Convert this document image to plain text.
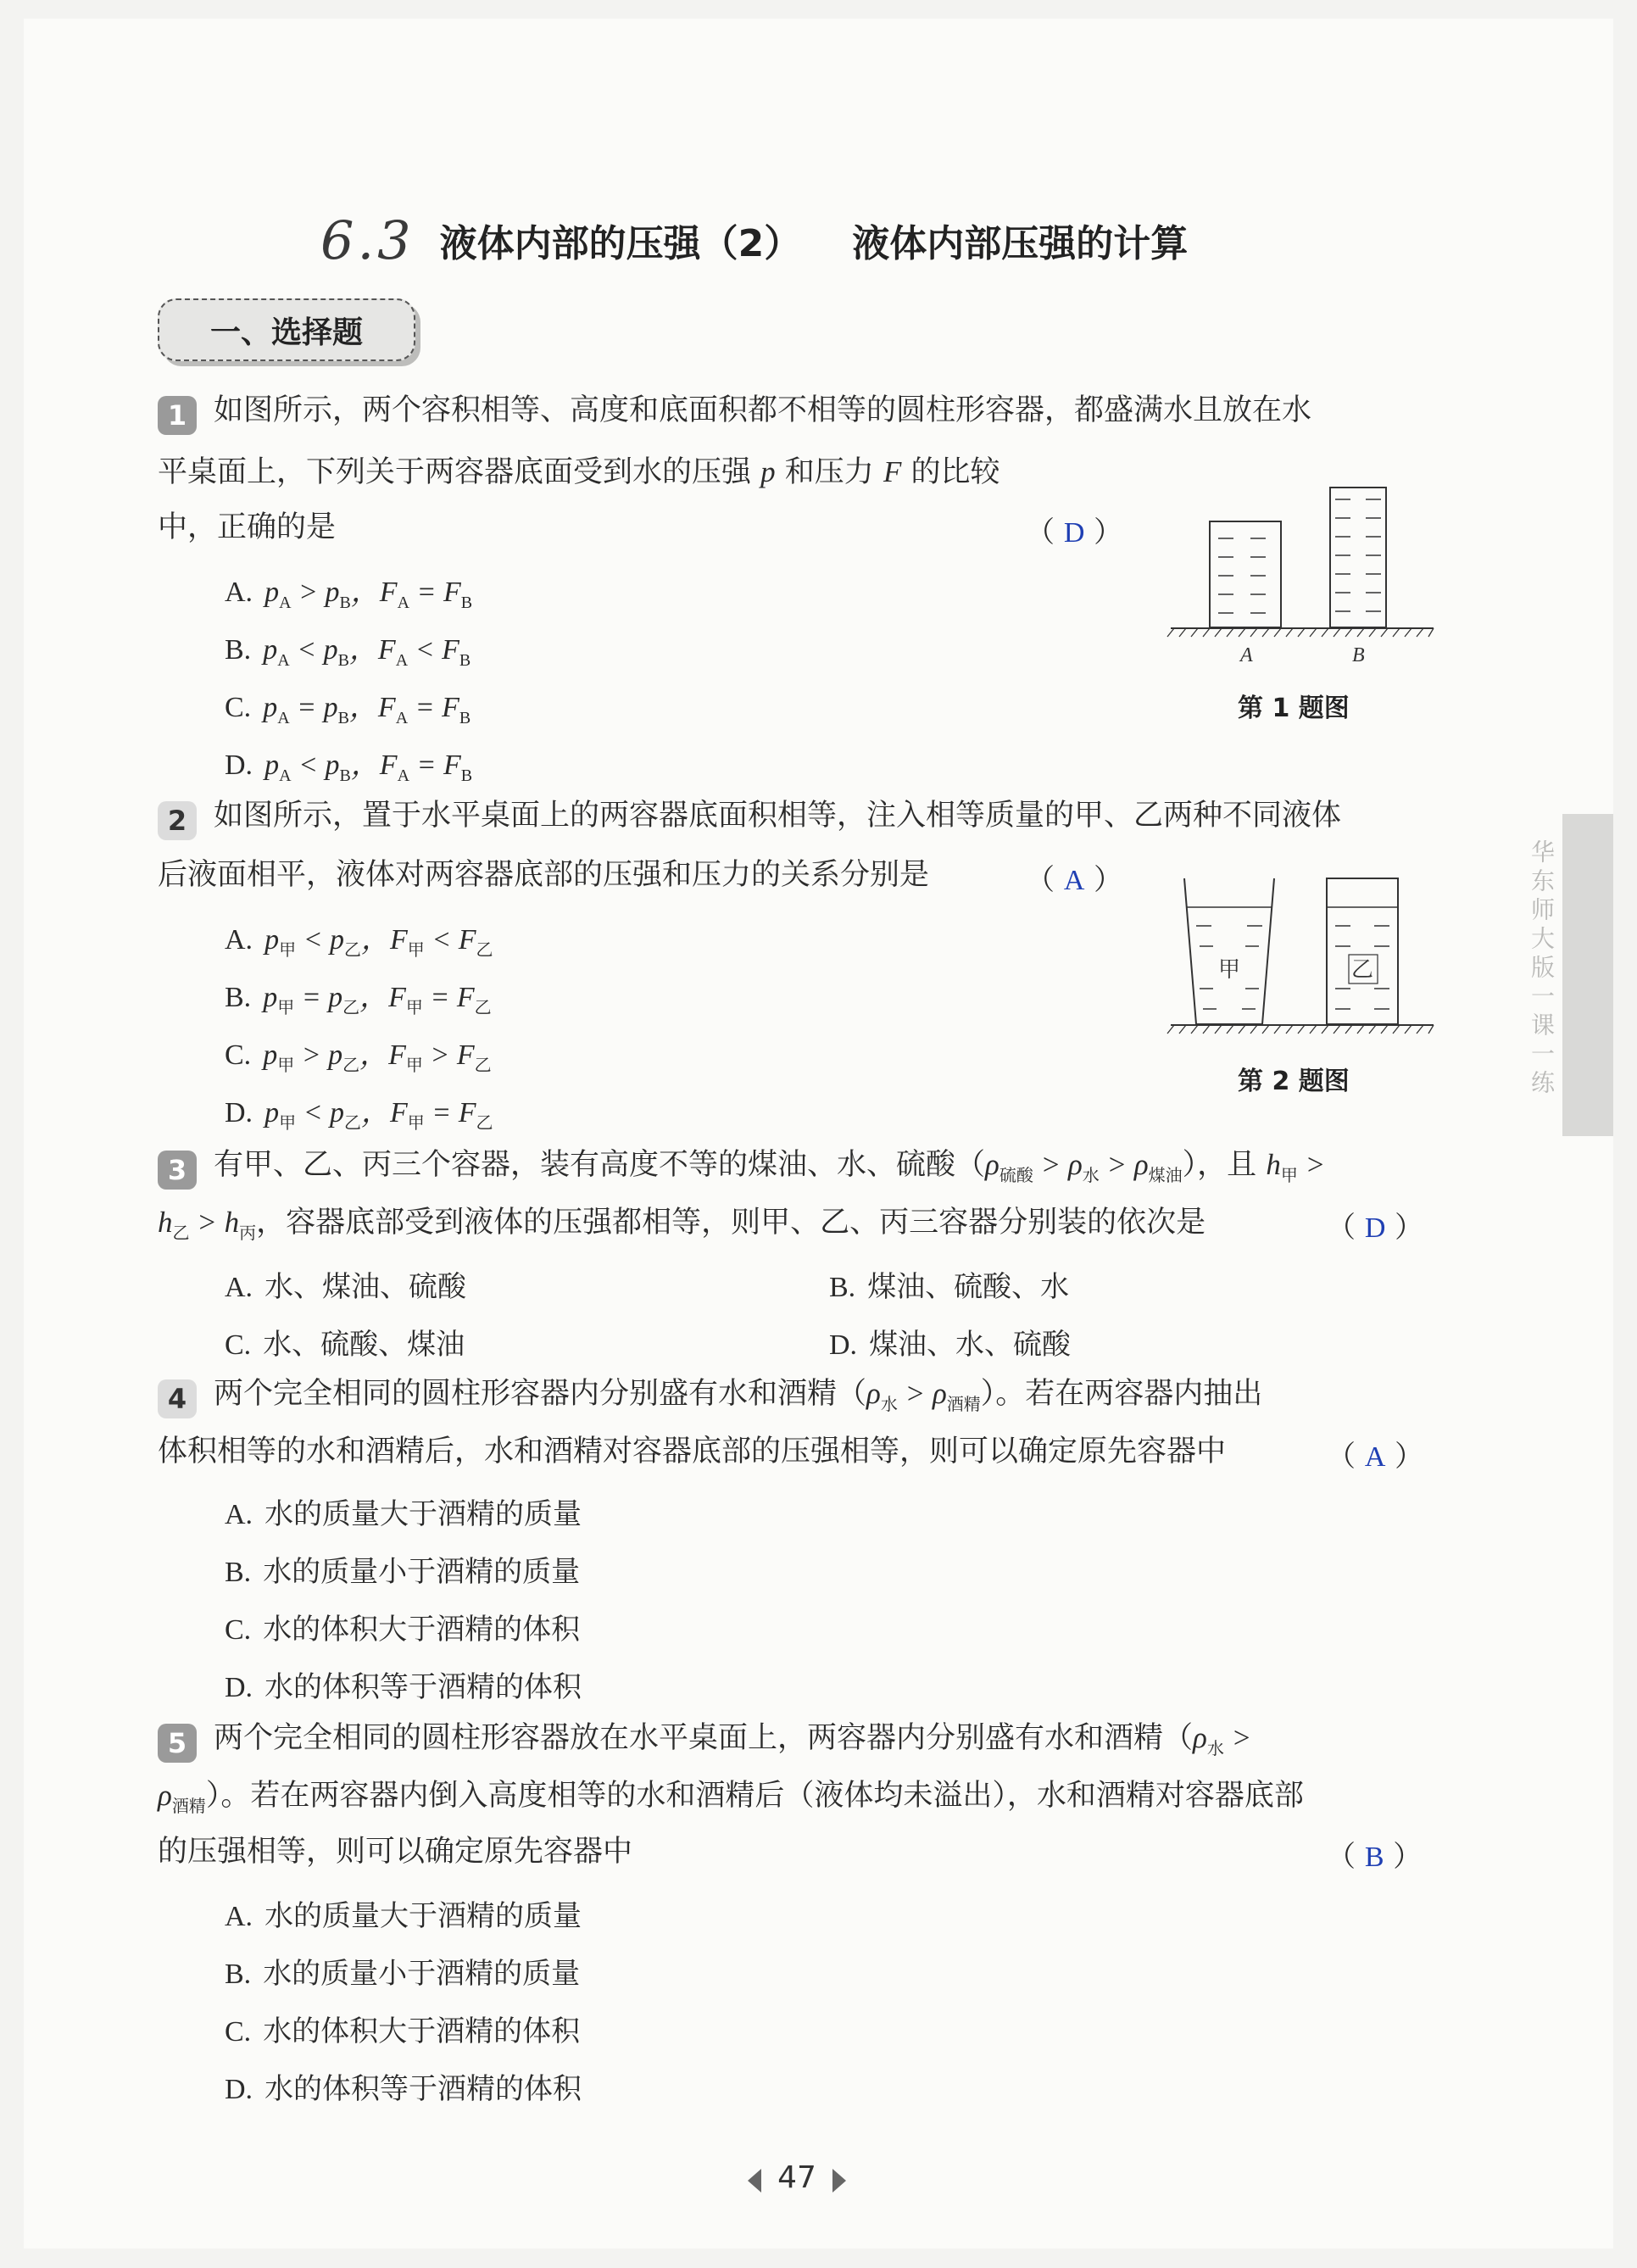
6.3 液体内部的压强（2） 液体内部压强的计算
一、选择题
1 如图所示，两个容积相等、高度和底面积都不相等的圆柱形容器，都盛满水且放在水
平桌面上，下列关于两容器底面受到水的压强 p 和压力 F 的比较
中，正确的是	（ D ）
A. $p_A > p_B$，$F_A = F_B$
B. $p_A < p_B$，$F_A < F_B$
C. $p_A = p_B$，$F_A = F_B$
D. $p_A < p_B$，$F_A = F_B$
A	B
第 1 题图
2 如图所示，置于水平桌面上的两容器底面积相等，注入相等质量的甲、乙两种不同液体
后液面相平，液体对两容器底部的压强和压力的关系分别是	（ A ）
A. $p_甲 < p_乙$，$F_甲 < F_乙$
B. $p_甲 = p_乙$，$F_甲 = F_乙$
C. $p_甲 > p_乙$，$F_甲 > F_乙$
D. $p_甲 < p_乙$，$F_甲 = F_乙$
甲	乙
第 2 题图
3 有甲、乙、丙三个容器，装有高度不等的煤油、水、硫酸$(\rho_{硫酸} > \rho_水 > \rho_{煤油})$，且 $h_甲$ >
$h_乙 > h_丙$，容器底部受到液体的压强都相等，则甲、乙、丙三容器分别装的依次是	（ D ）
A. 水、煤油、硫酸	B. 煤油、硫酸、水
C. 水、硫酸、煤油	D. 煤油、水、硫酸
4 两个完全相同的圆柱形容器内分别盛有水和酒精$(\rho_水 > \rho_{酒精})$。若在两容器内抽出
体积相等的水和酒精后，水和酒精对容器底部的压强相等，则可以确定原先容器中	（ A ）
A. 水的质量大于酒精的质量
B. 水的质量小于酒精的质量
C. 水的体积大于酒精的体积
D. 水的体积等于酒精的体积
5 两个完全相同的圆柱形容器放在水平桌面上，两容器内分别盛有水和酒精（$\rho_水$ >
$\rho_{酒精}$）。若在两容器内倒入高度相等的水和酒精后（液体均未溢出），水和酒精对容器底部
的压强相等，则可以确定原先容器中	（ B ）
A. 水的质量大于酒精的质量
B. 水的质量小于酒精的质量
C. 水的体积大于酒精的体积
D. 水的体积等于酒精的体积
华东师大版一课一练
47
